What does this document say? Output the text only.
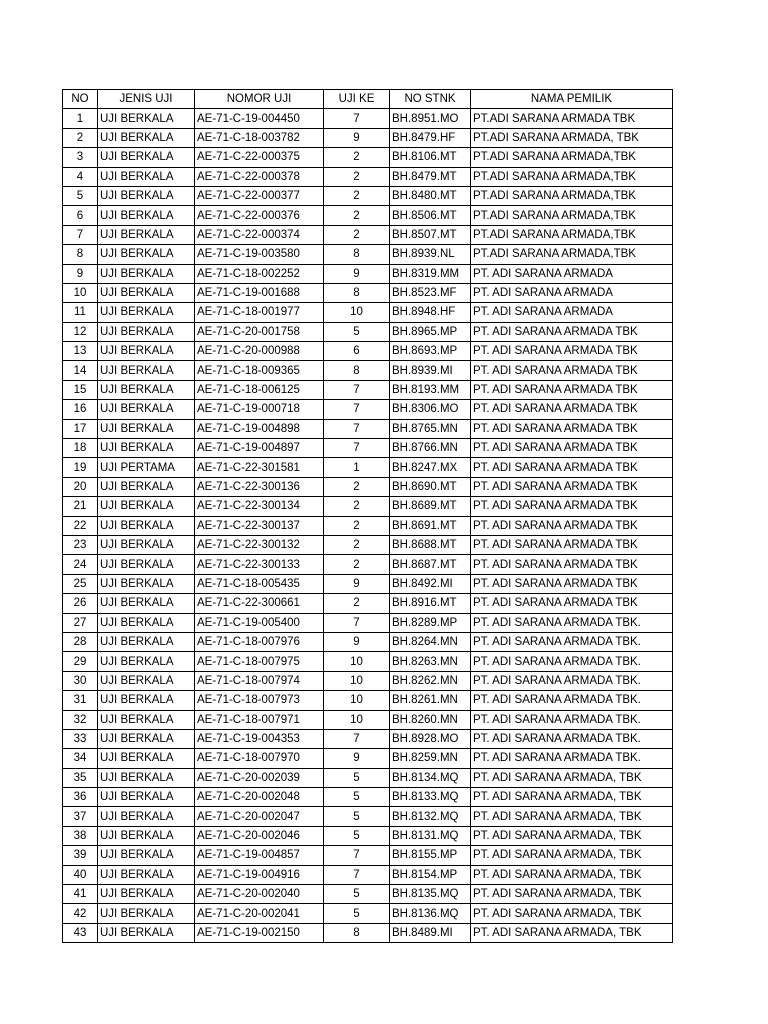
NO	JENIS UJI	NOMOR UJI	UJI KE	NO STNK	NAMA PEMILIK
1	UJI BERKALA	AE-71-C-19-004450	7	BH.8951.MO	PT.ADI SARANA ARMADA TBK
2	UJI BERKALA	AE-71-C-18-003782	9	BH.8479.HF	PT.ADI SARANA ARMADA, TBK
3	UJI BERKALA	AE-71-C-22-000375	2	BH.8106.MT	PT.ADI SARANA ARMADA,TBK
4	UJI BERKALA	AE-71-C-22-000378	2	BH.8479.MT	PT.ADI SARANA ARMADA,TBK
5	UJI BERKALA	AE-71-C-22-000377	2	BH.8480.MT	PT.ADI SARANA ARMADA,TBK
6	UJI BERKALA	AE-71-C-22-000376	2	BH.8506.MT	PT.ADI SARANA ARMADA,TBK
7	UJI BERKALA	AE-71-C-22-000374	2	BH.8507.MT	PT.ADI SARANA ARMADA,TBK
8	UJI BERKALA	AE-71-C-19-003580	8	BH.8939.NL	PT.ADI SARANA ARMADA,TBK
9	UJI BERKALA	AE-71-C-18-002252	9	BH.8319.MM	PT. ADI SARANA ARMADA
10	UJI BERKALA	AE-71-C-19-001688	8	BH.8523.MF	PT. ADI SARANA ARMADA
11	UJI BERKALA	AE-71-C-18-001977	10	BH.8948.HF	PT. ADI SARANA ARMADA
12	UJI BERKALA	AE-71-C-20-001758	5	BH.8965.MP	PT. ADI SARANA ARMADA TBK
13	UJI BERKALA	AE-71-C-20-000988	6	BH.8693.MP	PT. ADI SARANA ARMADA TBK
14	UJI BERKALA	AE-71-C-18-009365	8	BH.8939.MI	PT. ADI SARANA ARMADA TBK
15	UJI BERKALA	AE-71-C-18-006125	7	BH.8193.MM	PT. ADI SARANA ARMADA TBK
16	UJI BERKALA	AE-71-C-19-000718	7	BH.8306.MO	PT. ADI SARANA ARMADA TBK
17	UJI BERKALA	AE-71-C-19-004898	7	BH.8765.MN	PT. ADI SARANA ARMADA TBK
18	UJI BERKALA	AE-71-C-19-004897	7	BH.8766.MN	PT. ADI SARANA ARMADA TBK
19	UJI PERTAMA	AE-71-C-22-301581	1	BH.8247.MX	PT. ADI SARANA ARMADA TBK
20	UJI BERKALA	AE-71-C-22-300136	2	BH.8690.MT	PT. ADI SARANA ARMADA TBK
21	UJI BERKALA	AE-71-C-22-300134	2	BH.8689.MT	PT. ADI SARANA ARMADA TBK
22	UJI BERKALA	AE-71-C-22-300137	2	BH.8691.MT	PT. ADI SARANA ARMADA TBK
23	UJI BERKALA	AE-71-C-22-300132	2	BH.8688.MT	PT. ADI SARANA ARMADA TBK
24	UJI BERKALA	AE-71-C-22-300133	2	BH.8687.MT	PT. ADI SARANA ARMADA TBK
25	UJI BERKALA	AE-71-C-18-005435	9	BH.8492.MI	PT. ADI SARANA ARMADA TBK
26	UJI BERKALA	AE-71-C-22-300661	2	BH.8916.MT	PT. ADI SARANA ARMADA TBK
27	UJI BERKALA	AE-71-C-19-005400	7	BH.8289.MP	PT. ADI SARANA ARMADA TBK.
28	UJI BERKALA	AE-71-C-18-007976	9	BH.8264.MN	PT. ADI SARANA ARMADA TBK.
29	UJI BERKALA	AE-71-C-18-007975	10	BH.8263.MN	PT. ADI SARANA ARMADA TBK.
30	UJI BERKALA	AE-71-C-18-007974	10	BH.8262.MN	PT. ADI SARANA ARMADA TBK.
31	UJI BERKALA	AE-71-C-18-007973	10	BH.8261.MN	PT. ADI SARANA ARMADA TBK.
32	UJI BERKALA	AE-71-C-18-007971	10	BH.8260.MN	PT. ADI SARANA ARMADA TBK.
33	UJI BERKALA	AE-71-C-19-004353	7	BH.8928.MO	PT. ADI SARANA ARMADA TBK.
34	UJI BERKALA	AE-71-C-18-007970	9	BH.8259.MN	PT. ADI SARANA ARMADA TBK.
35	UJI BERKALA	AE-71-C-20-002039	5	BH.8134.MQ	PT. ADI SARANA ARMADA, TBK
36	UJI BERKALA	AE-71-C-20-002048	5	BH.8133.MQ	PT. ADI SARANA ARMADA, TBK
37	UJI BERKALA	AE-71-C-20-002047	5	BH.8132.MQ	PT. ADI SARANA ARMADA, TBK
38	UJI BERKALA	AE-71-C-20-002046	5	BH.8131.MQ	PT. ADI SARANA ARMADA, TBK
39	UJI BERKALA	AE-71-C-19-004857	7	BH.8155.MP	PT. ADI SARANA ARMADA, TBK
40	UJI BERKALA	AE-71-C-19-004916	7	BH.8154.MP	PT. ADI SARANA ARMADA, TBK
41	UJI BERKALA	AE-71-C-20-002040	5	BH.8135.MQ	PT. ADI SARANA ARMADA, TBK
42	UJI BERKALA	AE-71-C-20-002041	5	BH.8136.MQ	PT. ADI SARANA ARMADA, TBK
43	UJI BERKALA	AE-71-C-19-002150	8	BH.8489.MI	PT. ADI SARANA ARMADA, TBK
